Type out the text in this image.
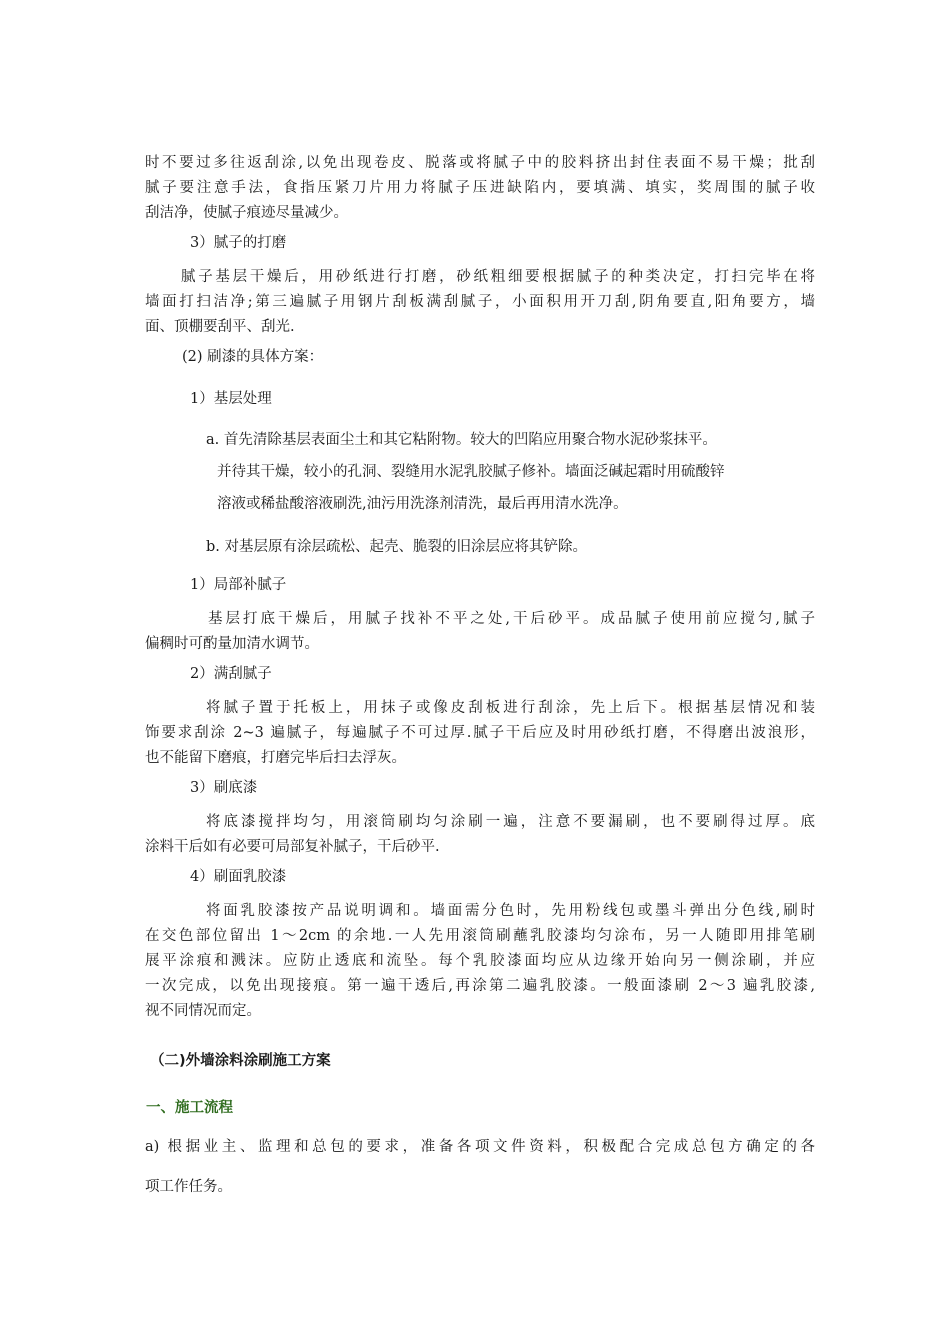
时不要过多往返刮涂,以免出现卷皮、脱落或将腻子中的胶料挤出封住表面不易干燥；批刮

腻子要注意手法，食指压紧刀片用力将腻子压进缺陷内，要填满、填实，奖周围的腻子收

刮洁净，使腻子痕迹尽量减少。

3）腻子的打磨

腻子基层干燥后，用砂纸进行打磨，砂纸粗细要根据腻子的种类决定，打扫完毕在将

墙面打扫洁净;第三遍腻子用钢片刮板满刮腻子，小面积用开刀刮,阴角要直,阳角要方，墙

面、顶棚要刮平、刮光.

(2) 刷漆的具体方案：

1）基层处理

a. 首先清除基层表面尘土和其它粘附物。较大的凹陷应用聚合物水泥砂浆抹平。

并待其干燥，较小的孔洞、裂缝用水泥乳胶腻子修补。墙面泛碱起霜时用硫酸锌

溶液或稀盐酸溶液刷洗,油污用洗涤剂清洗，最后再用清水洗净。

b. 对基层原有涂层疏松、起壳、脆裂的旧涂层应将其铲除。

1）局部补腻子

基层打底干燥后，用腻子找补不平之处,干后砂平。成品腻子使用前应搅匀,腻子

偏稠时可酌量加清水调节。

2）满刮腻子

将腻子置于托板上，用抹子或像皮刮板进行刮涂，先上后下。根据基层情况和装

饰要求刮涂 2~3 遍腻子，每遍腻子不可过厚.腻子干后应及时用砂纸打磨，不得磨出波浪形，

也不能留下磨痕，打磨完毕后扫去浮灰。

3）刷底漆

将底漆搅拌均匀，用滚筒刷均匀涂刷一遍，注意不要漏刷，也不要刷得过厚。底

涂料干后如有必要可局部复补腻子，干后砂平.

4）刷面乳胶漆

将面乳胶漆按产品说明调和。墙面需分色时，先用粉线包或墨斗弹出分色线,刷时

在交色部位留出 1～2cm 的余地.一人先用滚筒刷蘸乳胶漆均匀涂布，另一人随即用排笔刷

展平涂痕和溅沫。应防止透底和流坠。每个乳胶漆面均应从边缘开始向另一侧涂刷，并应

一次完成，以免出现接痕。第一遍干透后,再涂第二遍乳胶漆。一般面漆刷 2～3 遍乳胶漆,

视不同情况而定。

（二)外墙涂料涂刷施工方案

一、施工流程

a) 根据业主、监理和总包的要求，准备各项文件资料，积极配合完成总包方确定的各

项工作任务。
